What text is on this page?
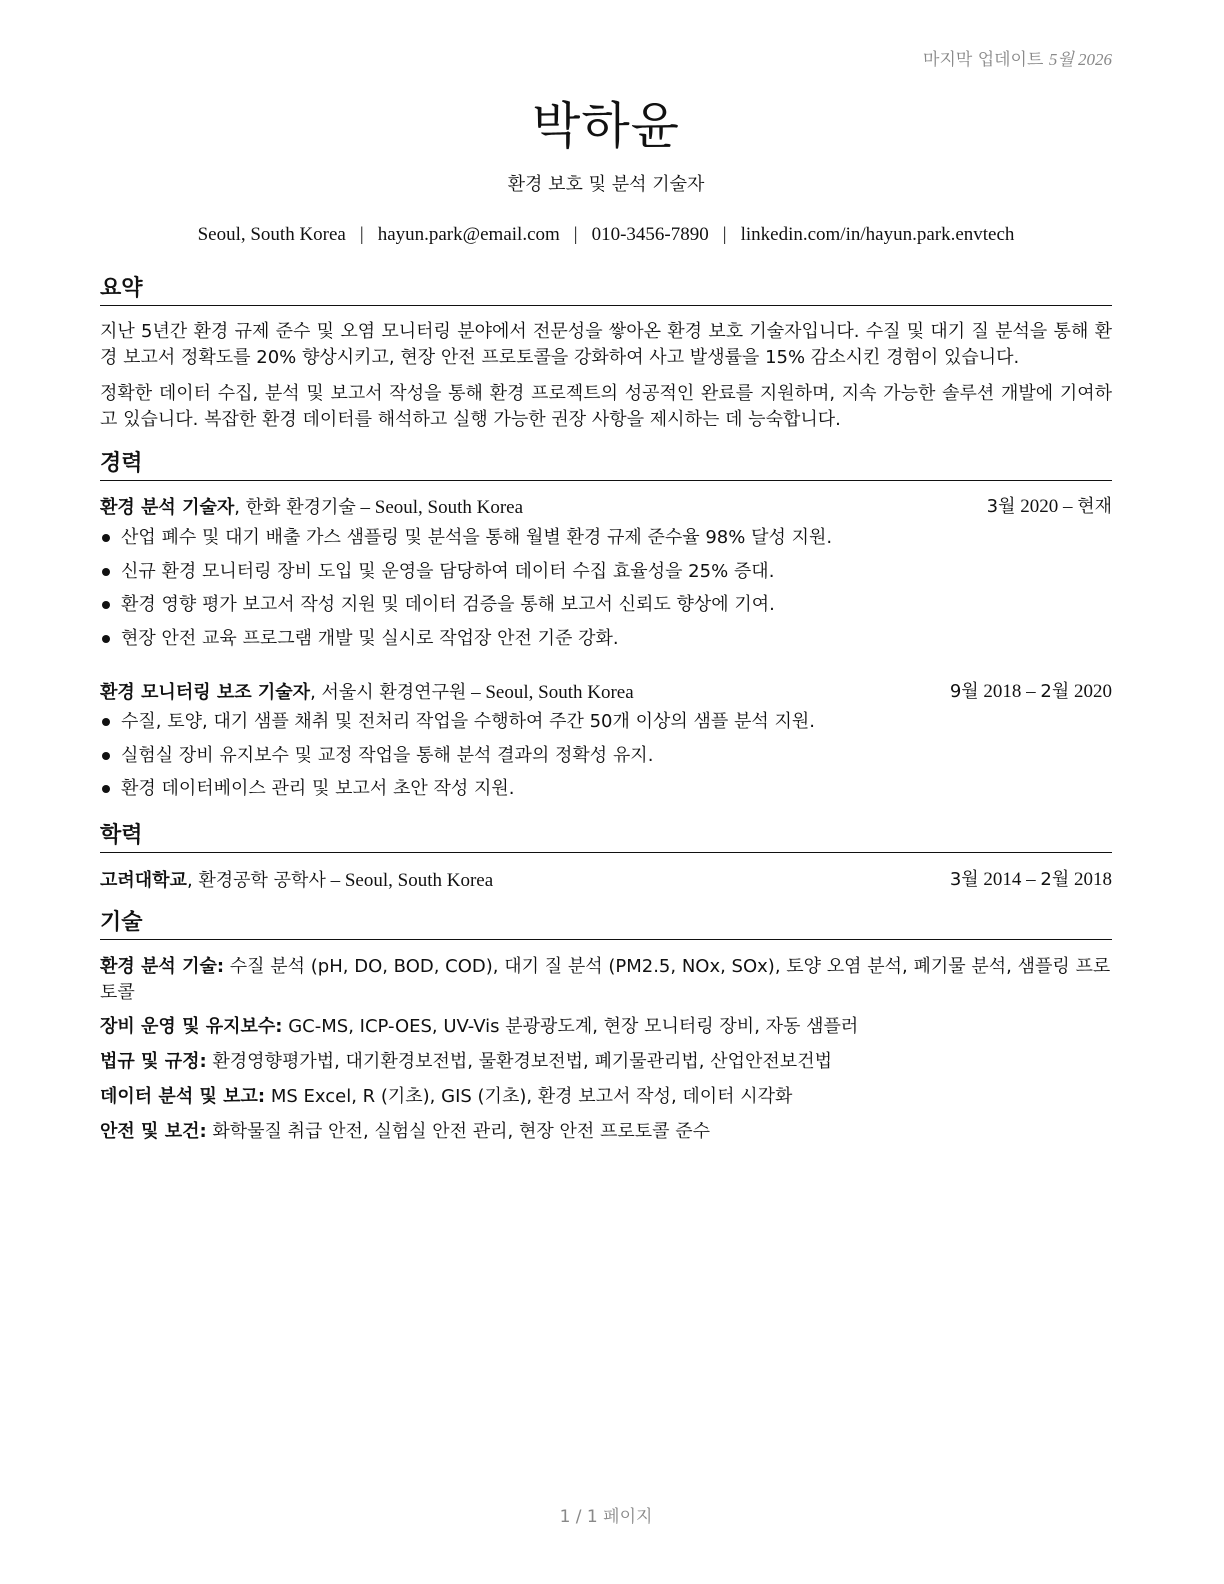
마지막 업데이트 5월 2026
박하윤
환경 보호 및 분석 기술자
Seoul, South Korea | hayun.park@email.com | 010-3456-7890 | linkedin.com/in/hayun.park.envtech
요약
지난 5년간 환경 규제 준수 및 오염 모니터링 분야에서 전문성을 쌓아온 환경 보호 기술자입니다. 수질 및 대기 질 분석을 통해 환경 보고서 정확도를 20% 향상시키고, 현장 안전 프로토콜을 강화하여 사고 발생률을 15% 감소시킨 경험이 있습니다.
정확한 데이터 수집, 분석 및 보고서 작성을 통해 환경 프로젝트의 성공적인 완료를 지원하며, 지속 가능한 솔루션 개발에 기여하고 있습니다. 복잡한 환경 데이터를 해석하고 실행 가능한 권장 사항을 제시하는 데 능숙합니다.
경력
환경 분석 기술자, 한화 환경기술 – Seoul, South Korea	3월 2020 – 현재
산업 폐수 및 대기 배출 가스 샘플링 및 분석을 통해 월별 환경 규제 준수율 98% 달성 지원.
신규 환경 모니터링 장비 도입 및 운영을 담당하여 데이터 수집 효율성을 25% 증대.
환경 영향 평가 보고서 작성 지원 및 데이터 검증을 통해 보고서 신뢰도 향상에 기여.
현장 안전 교육 프로그램 개발 및 실시로 작업장 안전 기준 강화.
환경 모니터링 보조 기술자, 서울시 환경연구원 – Seoul, South Korea	9월 2018 – 2월 2020
수질, 토양, 대기 샘플 채취 및 전처리 작업을 수행하여 주간 50개 이상의 샘플 분석 지원.
실험실 장비 유지보수 및 교정 작업을 통해 분석 결과의 정확성 유지.
환경 데이터베이스 관리 및 보고서 초안 작성 지원.
학력
고려대학교, 환경공학 공학사 – Seoul, South Korea	3월 2014 – 2월 2018
기술
환경 분석 기술: 수질 분석 (pH, DO, BOD, COD), 대기 질 분석 (PM2.5, NOx, SOx), 토양 오염 분석, 폐기물 분석, 샘플링 프로토콜
장비 운영 및 유지보수: GC-MS, ICP-OES, UV-Vis 분광광도계, 현장 모니터링 장비, 자동 샘플러
법규 및 규정: 환경영향평가법, 대기환경보전법, 물환경보전법, 폐기물관리법, 산업안전보건법
데이터 분석 및 보고: MS Excel, R (기초), GIS (기초), 환경 보고서 작성, 데이터 시각화
안전 및 보건: 화학물질 취급 안전, 실험실 안전 관리, 현장 안전 프로토콜 준수
1 / 1 페이지
